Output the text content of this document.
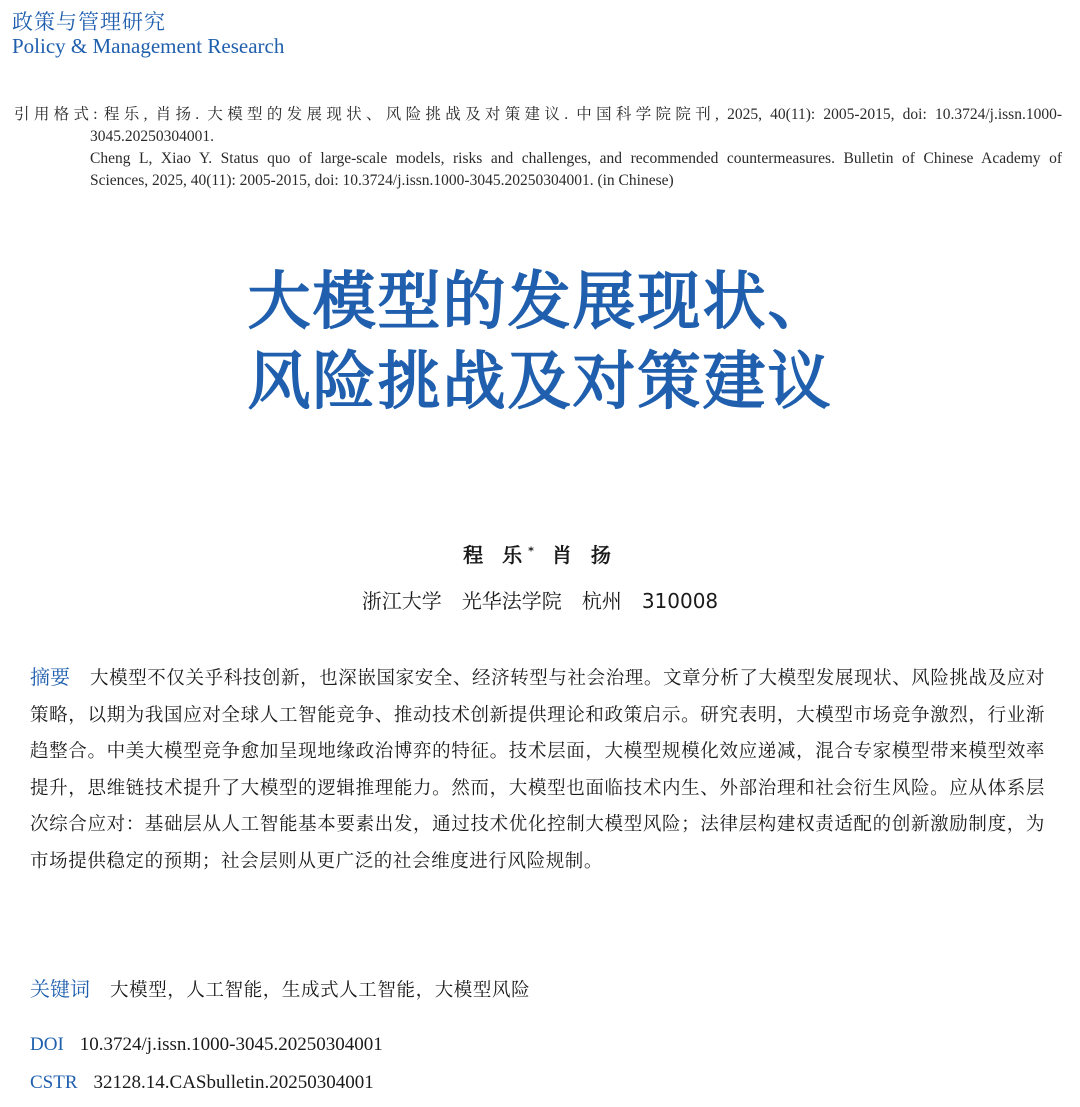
政策与管理研究
Policy & Management Research
引用格式: 程乐, 肖扬. 大模型的发展现状、风险挑战及对策建议. 中国科学院院刊, 2025, 40(11): 2005-2015, doi: 10.3724/j.issn.1000-
3045.20250304001.
Cheng L, Xiao Y. Status quo of large-scale models, risks and challenges, and recommended countermeasures. Bulletin of Chinese Academy of
Sciences, 2025, 40(11): 2005-2015, doi: 10.3724/j.issn.1000-3045.20250304001. (in Chinese)
大模型的发展现状、
风险挑战及对策建议
程 乐* 肖 扬
浙江大学 光华法学院 杭州 310008
摘要 大模型不仅关乎科技创新，也深嵌国家安全、经济转型与社会治理。文章分析了大模型发展现状、风险挑战及应对策略，以期为我国应对全球人工智能竞争、推动技术创新提供理论和政策启示。研究表明，大模型市场竞争激烈，行业渐趋整合。中美大模型竞争愈加呈现地缘政治博弈的特征。技术层面，大模型规模化效应递减，混合专家模型带来模型效率提升，思维链技术提升了大模型的逻辑推理能力。然而，大模型也面临技术内生、外部治理和社会衍生风险。应从体系层次综合应对：基础层从人工智能基本要素出发，通过技术优化控制大模型风险；法律层构建权责适配的创新激励制度，为市场提供稳定的预期；社会层则从更广泛的社会维度进行风险规制。
关键词 大模型，人工智能，生成式人工智能，大模型风险
DOI 10.3724/j.issn.1000-3045.20250304001
CSTR 32128.14.CASbulletin.20250304001
